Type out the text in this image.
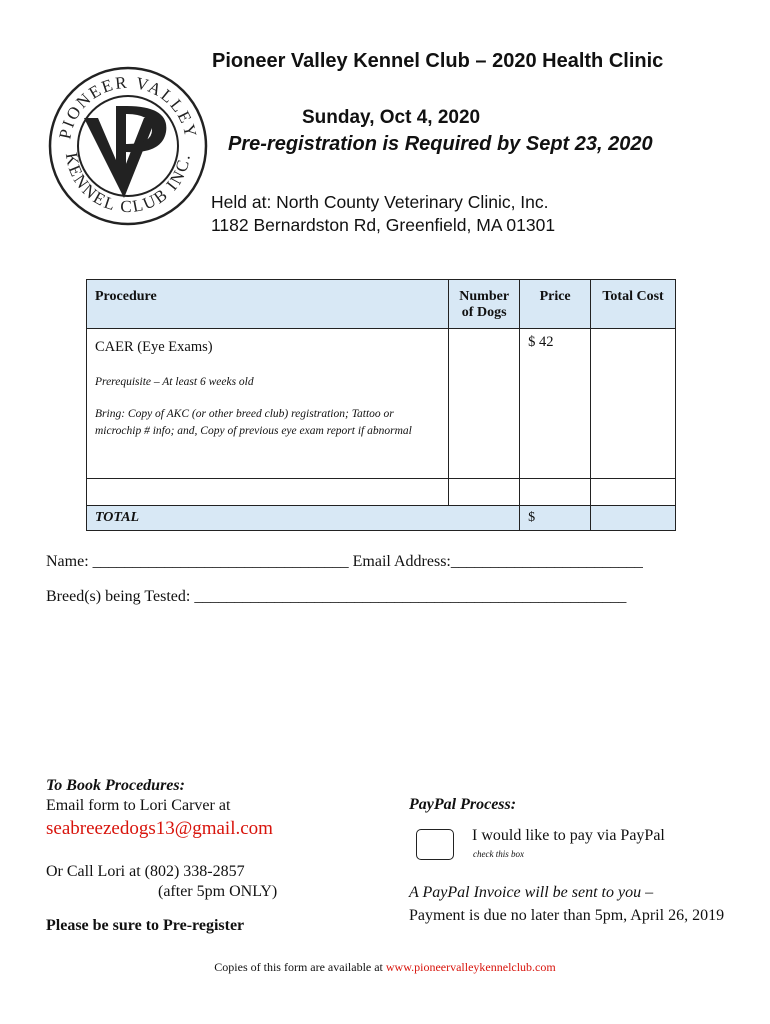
PIONEER VALLEY
KENNEL CLUB INC.
Pioneer Valley Kennel Club – 2020 Health Clinic
Sunday, Oct 4, 2020
Pre-registration is Required by Sept 23, 2020
Held at: North County Veterinary Clinic, Inc.
1182 Bernardston Rd, Greenfield, MA 01301
Procedure	Number of Dogs	Price	Total Cost

CAER (Eye Exams)
Prerequisite – At least 6 weeks old
Bring: Copy of AKC (or other breed club) registration; Tattoo or microchip # info; and, Copy of previous eye exam report if abnormal		$ 42	

TOTAL		$	
Name: ________________________________ Email Address:________________________
Breed(s) being Tested: ______________________________________________________
To Book Procedures:
Email form to Lori Carver at
seabreezedogs13@gmail.com
Or Call Lori at (802) 338-2857
(after 5pm ONLY)
Please be sure to Pre-register
PayPal Process:
I would like to pay via PayPal
check this box
A PayPal Invoice will be sent to you –
Payment is due no later than 5pm, April 26, 2019
Copies of this form are available at www.pioneervalleykennelclub.com
